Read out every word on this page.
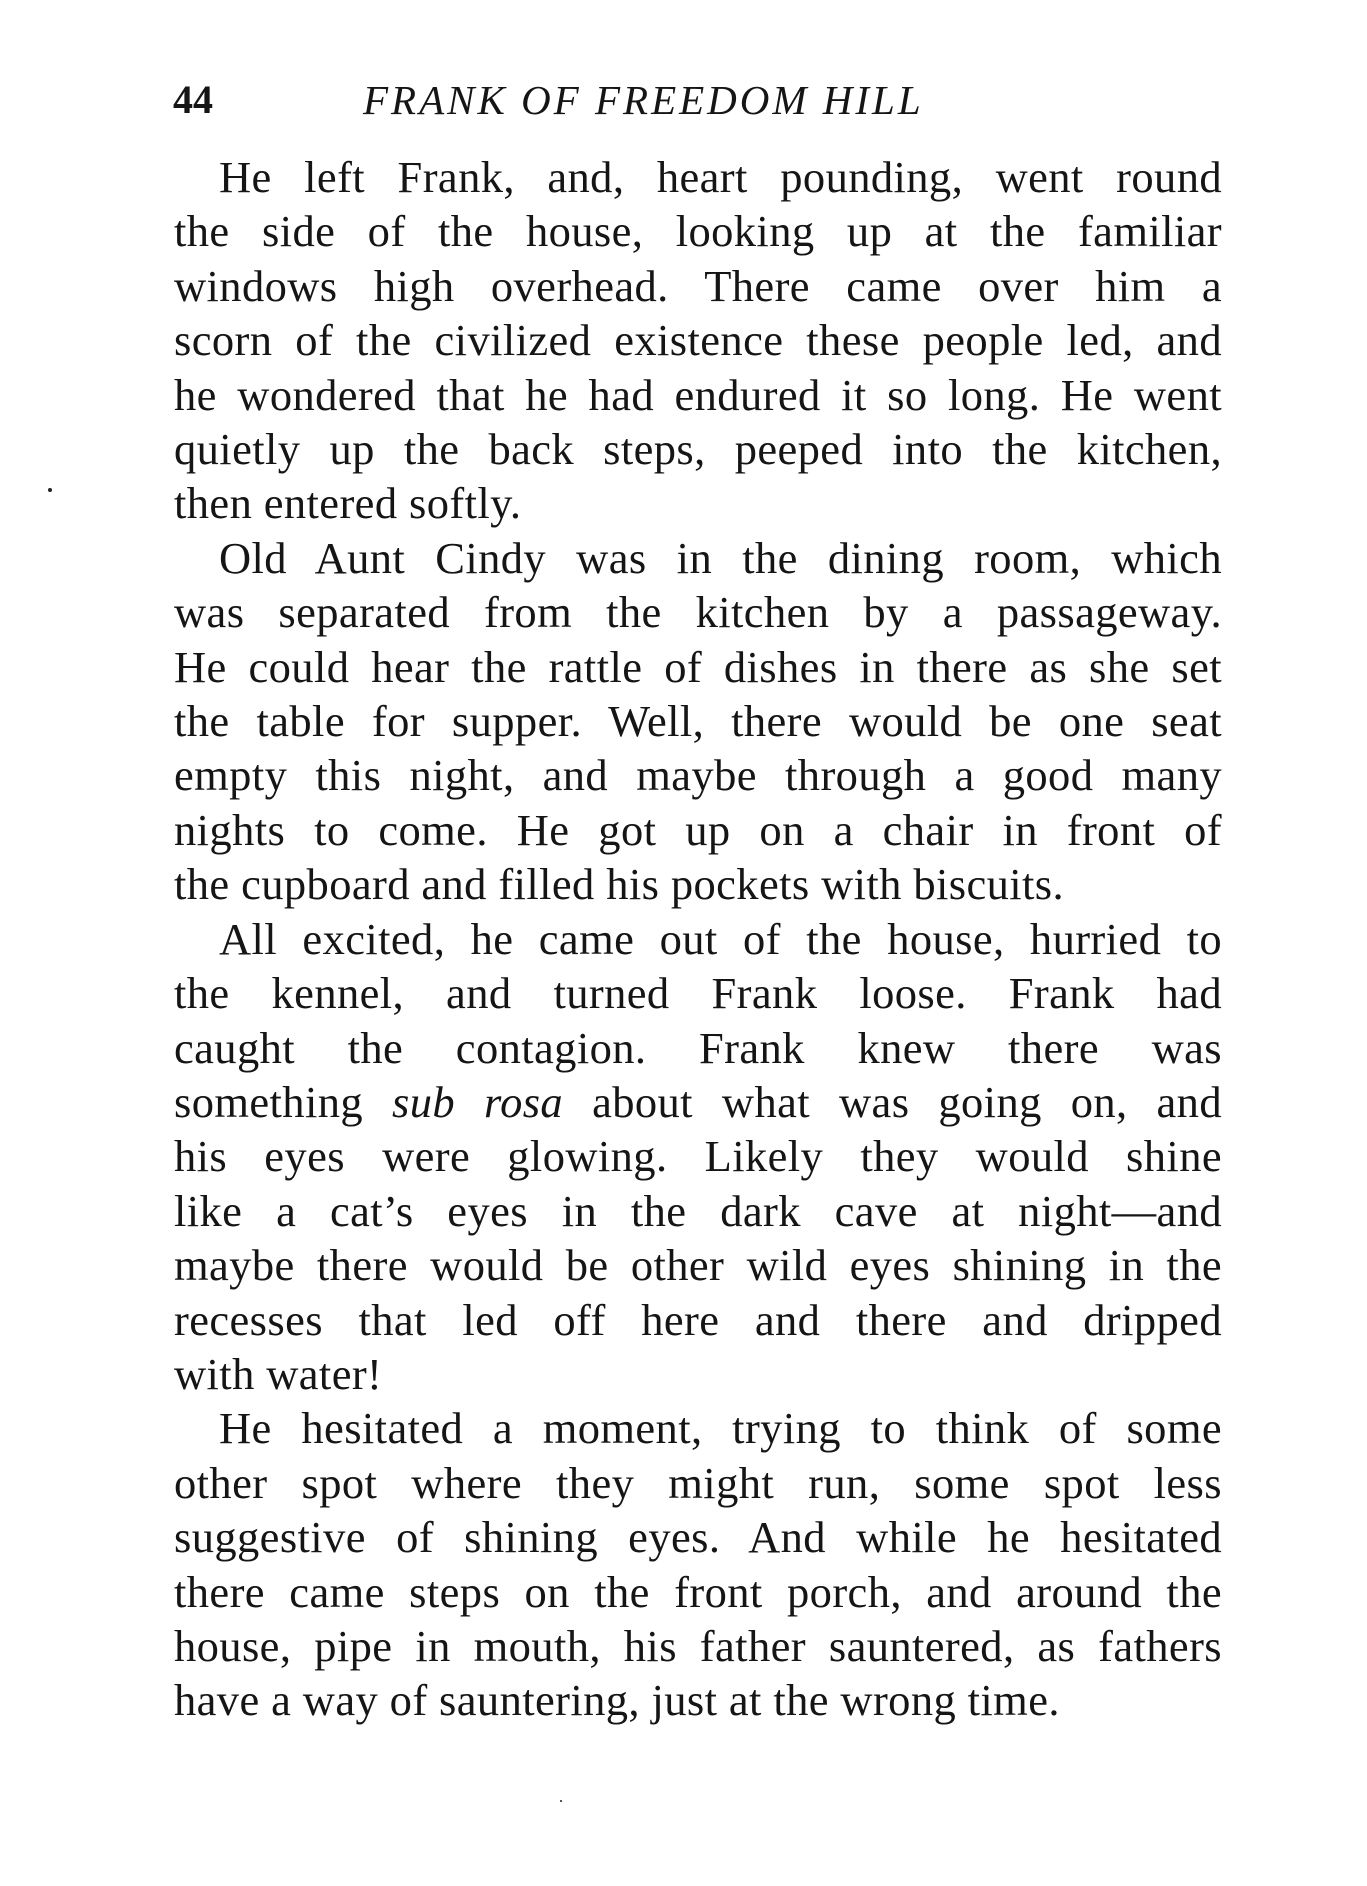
44	FRANK OF FREEDOM HILL
He left Frank, and, heart pounding, went round
the side of the house, looking up at the familiar
windows high overhead. There came over him a
scorn of the civilized existence these people led, and
he wondered that he had endured it so long. He went
quietly up the back steps, peeped into the kitchen,
then entered softly.
Old Aunt Cindy was in the dining room, which
was separated from the kitchen by a passageway.
He could hear the rattle of dishes in there as she set
the table for supper. Well, there would be one seat
empty this night, and maybe through a good many
nights to come. He got up on a chair in front of
the cupboard and filled his pockets with biscuits.
All excited, he came out of the house, hurried to
the kennel, and turned Frank loose. Frank had
caught the contagion. Frank knew there was
something sub rosa about what was going on, and
his eyes were glowing. Likely they would shine
like a cat’s eyes in the dark cave at night—and
maybe there would be other wild eyes shining in the
recesses that led off here and there and dripped
with water!
He hesitated a moment, trying to think of some
other spot where they might run, some spot less
suggestive of shining eyes. And while he hesitated
there came steps on the front porch, and around the
house, pipe in mouth, his father sauntered, as fathers
have a way of sauntering, just at the wrong time.
